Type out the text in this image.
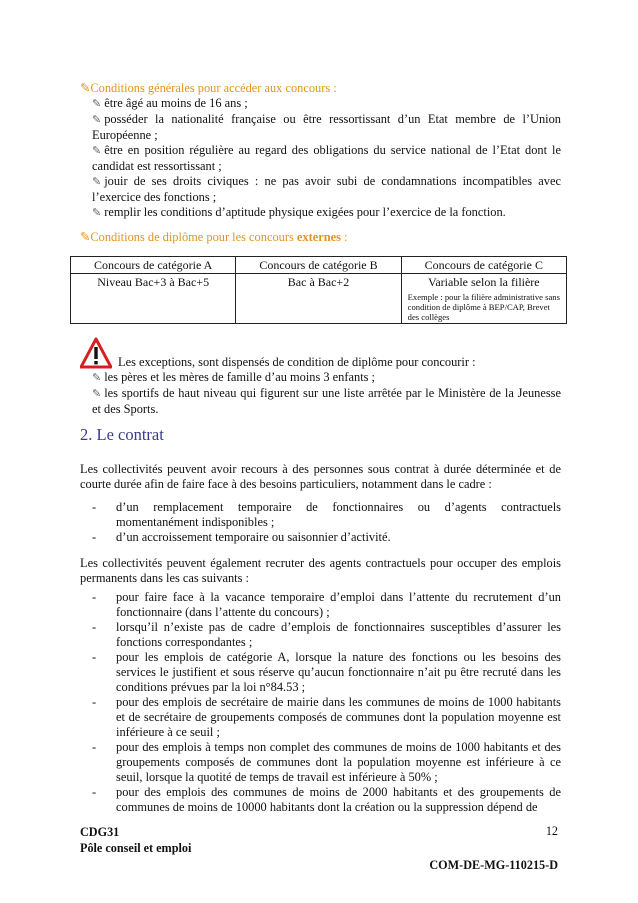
✎Conditions générales pour accéder aux concours :

✎ être âgé au moins de 16 ans ;

✎ posséder la nationalité française ou être ressortissant d’un Etat membre de l’Union Européenne ;

✎ être en position régulière au regard des obligations du service national de l’Etat dont le candidat est ressortissant ;

✎ jouir de ses droits civiques : ne pas avoir subi de condamnations incompatibles avec l’exercice des fonctions ;

✎ remplir les conditions d’aptitude physique exigées pour l’exercice de la fonction.

✎Conditions de diplôme pour les concours externes :
Concours de catégorie A	Concours de catégorie B	Concours de catégorie C
Niveau Bac+3 à Bac+5	Bac à Bac+2	Variable selon la filière
Exemple : pour la filière administrative sans condition de diplôme à BEP/CAP, Brevet des collèges

Les exceptions, sont dispensés de condition de diplôme pour concourir :

✎ les pères et les mères de famille d’au moins 3 enfants ;

✎ les sportifs de haut niveau qui figurent sur une liste arrêtée par le Ministère de la Jeunesse et des Sports.

2. Le contrat

Les collectivités peuvent avoir recours à des personnes sous contrat à durée déterminée et de courte durée afin de faire face à des besoins particuliers, notamment dans le cadre :

- d’un remplacement temporaire de fonctionnaires ou d’agents contractuels momentanément indisponibles ;
- d’un accroissement temporaire ou saisonnier d’activité.

Les collectivités peuvent également recruter des agents contractuels pour occuper des emplois permanents dans les cas suivants :

- pour faire face à la vacance temporaire d’emploi dans l’attente du recrutement d’un fonctionnaire (dans l’attente du concours) ;
- lorsqu’il n’existe pas de cadre d’emplois de fonctionnaires susceptibles d’assurer les fonctions correspondantes ;
- pour les emplois de catégorie A, lorsque la nature des fonctions ou les besoins des services le justifient et sous réserve qu’aucun fonctionnaire n’ait pu être recruté dans les conditions prévues par la loi n°84.53 ;
- pour des emplois de secrétaire de mairie dans les communes de moins de 1000 habitants et de secrétaire de groupements composés de communes dont la population moyenne est inférieure à ce seuil ;
- pour des emplois à temps non complet des communes de moins de 1000 habitants et des groupements composés de communes dont la population moyenne est inférieure à ce seuil, lorsque la quotité de temps de travail est inférieure à 50% ;
- pour des emplois des communes de moins de 2000 habitants et des groupements de communes de moins de 10000 habitants dont la création ou la suppression dépend de
CDG31
Pôle conseil et emploi
12
COM-DE-MG-110215-D
